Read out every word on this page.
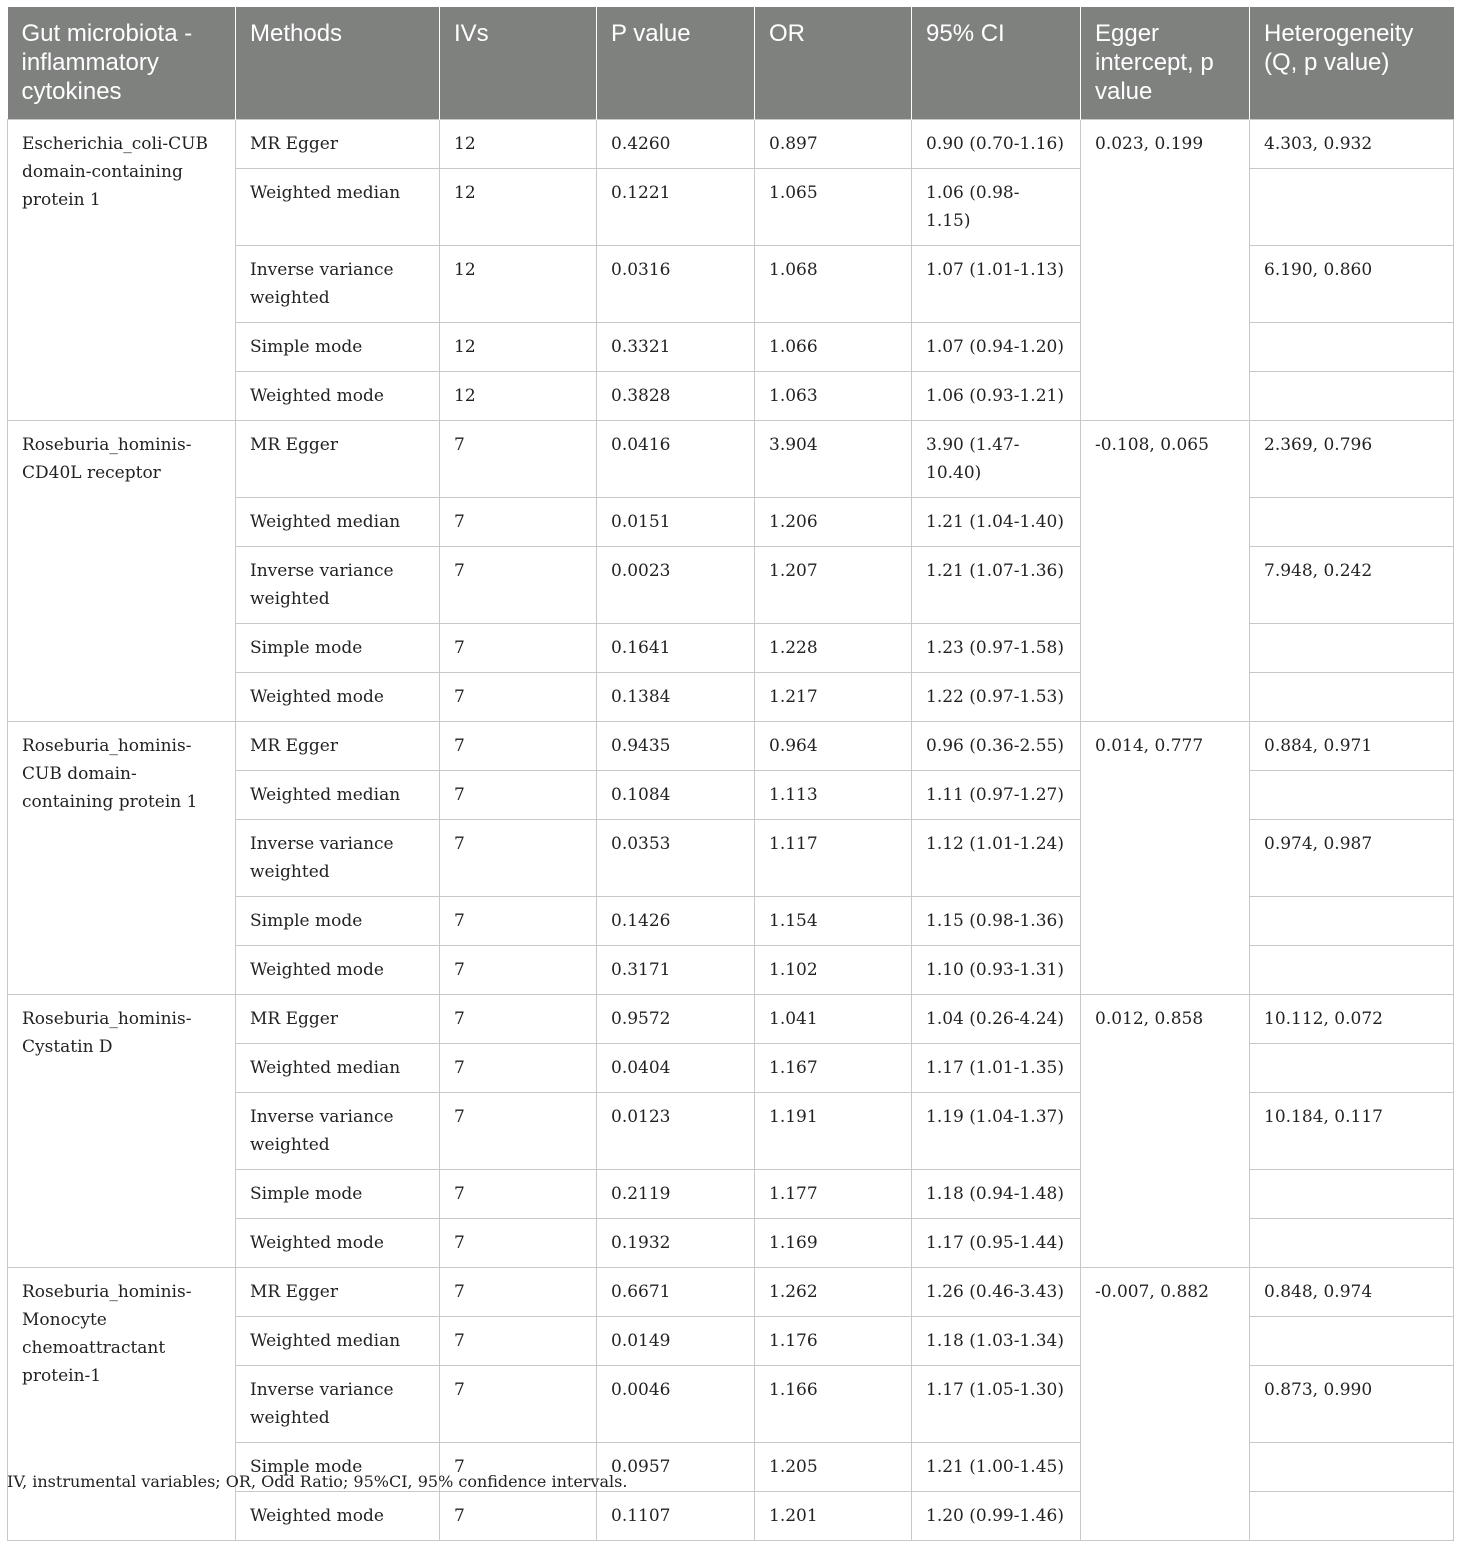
Gut microbiota - inflammatory cytokines	Methods	IVs	P value	OR	95% CI	Egger intercept, p value	Heterogeneity (Q, p value)
Escherichia_coli-CUB domain-containing protein 1	MR Egger	12	0.4260	0.897	0.90 (0.70-1.16)	0.023, 0.199	4.303, 0.932
	Weighted median	12	0.1221	1.065	1.06 (0.98- 1.15)		
	Inverse variance weighted	12	0.0316	1.068	1.07 (1.01-1.13)		6.190, 0.860
	Simple mode	12	0.3321	1.066	1.07 (0.94-1.20)		
	Weighted mode	12	0.3828	1.063	1.06 (0.93-1.21)		
Roseburia_hominis-CD40L receptor	MR Egger	7	0.0416	3.904	3.90 (1.47-10.40)	-0.108, 0.065	2.369, 0.796
	Weighted median	7	0.0151	1.206	1.21 (1.04-1.40)		
	Inverse variance weighted	7	0.0023	1.207	1.21 (1.07-1.36)		7.948, 0.242
	Simple mode	7	0.1641	1.228	1.23 (0.97-1.58)		
	Weighted mode	7	0.1384	1.217	1.22 (0.97-1.53)		
Roseburia_hominis-CUB domain-containing protein 1	MR Egger	7	0.9435	0.964	0.96 (0.36-2.55)	0.014, 0.777	0.884, 0.971
	Weighted median	7	0.1084	1.113	1.11 (0.97-1.27)		
	Inverse variance weighted	7	0.0353	1.117	1.12 (1.01-1.24)		0.974, 0.987
	Simple mode	7	0.1426	1.154	1.15 (0.98-1.36)		
	Weighted mode	7	0.3171	1.102	1.10 (0.93-1.31)		
Roseburia_hominis-Cystatin D	MR Egger	7	0.9572	1.041	1.04 (0.26-4.24)	0.012, 0.858	10.112, 0.072
	Weighted median	7	0.0404	1.167	1.17 (1.01-1.35)		
	Inverse variance weighted	7	0.0123	1.191	1.19 (1.04-1.37)		10.184, 0.117
	Simple mode	7	0.2119	1.177	1.18 (0.94-1.48)		
	Weighted mode	7	0.1932	1.169	1.17 (0.95-1.44)		
Roseburia_hominis-Monocyte chemoattractant protein-1	MR Egger	7	0.6671	1.262	1.26 (0.46-3.43)	-0.007, 0.882	0.848, 0.974
	Weighted median	7	0.0149	1.176	1.18 (1.03-1.34)		
	Inverse variance weighted	7	0.0046	1.166	1.17 (1.05-1.30)		0.873, 0.990
	Simple mode	7	0.0957	1.205	1.21 (1.00-1.45)		
	Weighted mode	7	0.1107	1.201	1.20 (0.99-1.46)		
IV, instrumental variables; OR, Odd Ratio; 95%CI, 95% confidence intervals.
